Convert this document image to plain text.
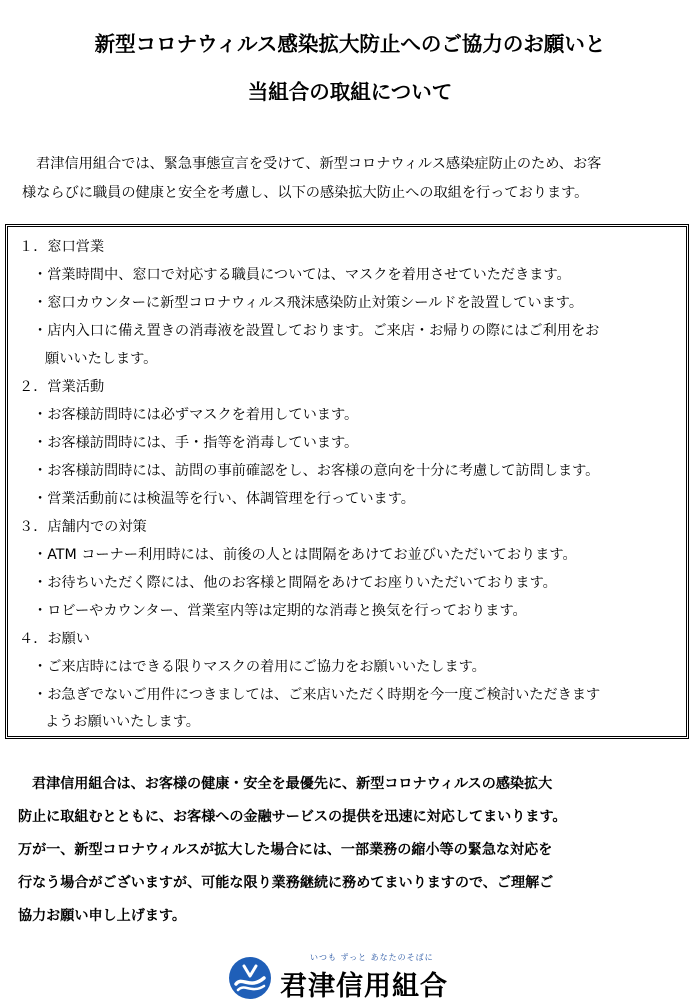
新型コロナウィルス感染拡大防止へのご協力のお願いと
当組合の取組について

君津信用組合では、緊急事態宣言を受けて、新型コロナウィルス感染症防止のため、お客

様ならびに職員の健康と安全を考慮し、以下の感染拡大防止への取組を行っております。

１．窓口営業
・営業時間中、窓口で対応する職員については、マスクを着用させていただきます。
・窓口カウンターに新型コロナウィルス飛沫感染防止対策シールドを設置しています。
・店内入口に備え置きの消毒液を設置しております。ご来店・お帰りの際にはご利用をお
願いいたします。
２．営業活動
・お客様訪問時には必ずマスクを着用しています。
・お客様訪問時には、手・指等を消毒しています。
・お客様訪問時には、訪問の事前確認をし、お客様の意向を十分に考慮して訪問します。
・営業活動前には検温等を行い、体調管理を行っています。
３．店舗内での対策
・ATM コーナー利用時には、前後の人とは間隔をあけてお並びいただいております。
・お待ちいただく際には、他のお客様と間隔をあけてお座りいただいております。
・ロビーやカウンター、営業室内等は定期的な消毒と換気を行っております。
４．お願い
・ご来店時にはできる限りマスクの着用にご協力をお願いいたします。
・お急ぎでないご用件につきましては、ご来店いただく時期を今一度ご検討いただきます
ようお願いいたします。

君津信用組合は、お客様の健康・安全を最優先に、新型コロナウィルスの感染拡大

防止に取組むとともに、お客様への金融サービスの提供を迅速に対応してまいります。

万が一、新型コロナウィルスが拡大した場合には、一部業務の縮小等の緊急な対応を

行なう場合がございますが、可能な限り業務継続に務めてまいりますので、ご理解ご

協力お願い申し上げます。

いつも ずっと あなたのそばに
君津信用組合
